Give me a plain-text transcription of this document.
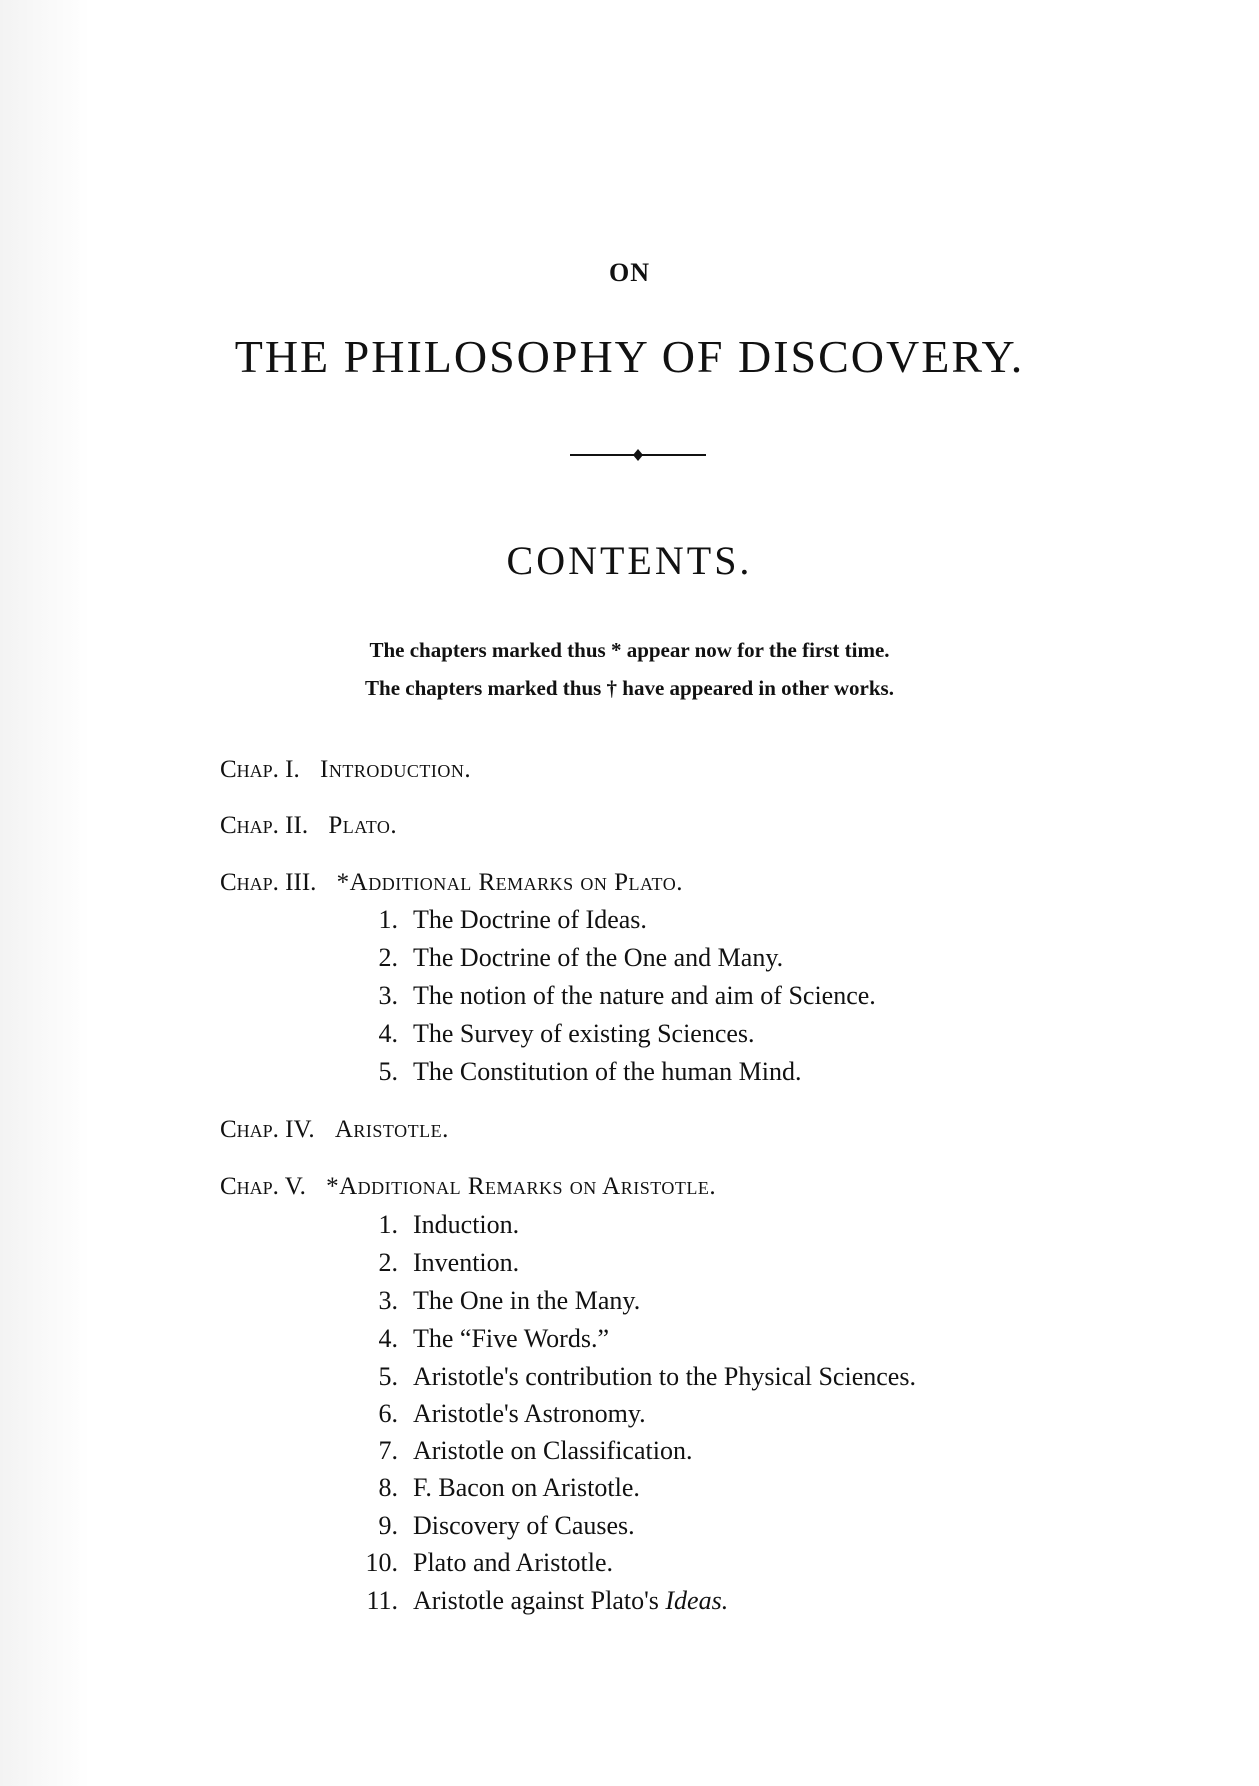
ON
THE PHILOSOPHY OF DISCOVERY.
CONTENTS.
The chapters marked thus * appear now for the first time.
The chapters marked thus † have appeared in other works.
Chap. I. Introduction.
Chap. II. Plato.
Chap. III. *Additional Remarks on Plato.
1. The Doctrine of Ideas.
2. The Doctrine of the One and Many.
3. The notion of the nature and aim of Science.
4. The Survey of existing Sciences.
5. The Constitution of the human Mind.
Chap. IV. Aristotle.
Chap. V. *Additional Remarks on Aristotle.
1. Induction.
2. Invention.
3. The One in the Many.
4. The “Five Words.”
5. Aristotle's contribution to the Physical Sciences.
6. Aristotle's Astronomy.
7. Aristotle on Classification.
8. F. Bacon on Aristotle.
9. Discovery of Causes.
10. Plato and Aristotle.
11. Aristotle against Plato's Ideas.
